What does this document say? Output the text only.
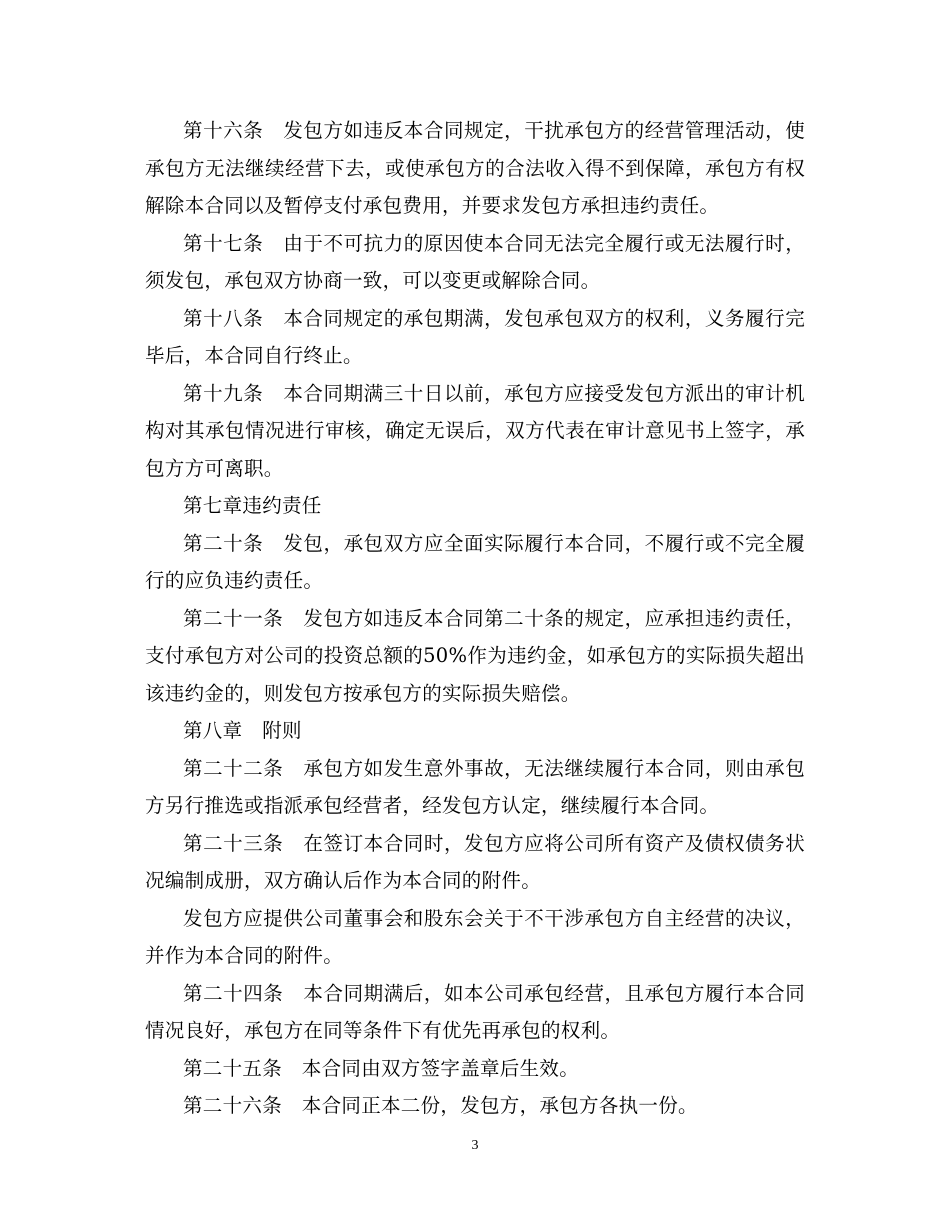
第十六条　发包方如违反本合同规定，干扰承包方的经营管理活动，使承包方无法继续经营下去，或使承包方的合法收入得不到保障，承包方有权解除本合同以及暂停支付承包费用，并要求发包方承担违约责任。

第十七条　由于不可抗力的原因使本合同无法完全履行或无法履行时，须发包，承包双方协商一致，可以变更或解除合同。

第十八条　本合同规定的承包期满，发包承包双方的权利，义务履行完毕后，本合同自行终止。

第十九条　本合同期满三十日以前，承包方应接受发包方派出的审计机构对其承包情况进行审核，确定无误后，双方代表在审计意见书上签字，承包方方可离职。

第七章违约责任

第二十条　发包，承包双方应全面实际履行本合同，不履行或不完全履行的应负违约责任。

第二十一条　发包方如违反本合同第二十条的规定，应承担违约责任，支付承包方对公司的投资总额的50%作为违约金，如承包方的实际损失超出该违约金的，则发包方按承包方的实际损失赔偿。

第八章　附则

第二十二条　承包方如发生意外事故，无法继续履行本合同，则由承包方另行推选或指派承包经营者，经发包方认定，继续履行本合同。

第二十三条　在签订本合同时，发包方应将公司所有资产及债权债务状况编制成册，双方确认后作为本合同的附件。

发包方应提供公司董事会和股东会关于不干涉承包方自主经营的决议，并作为本合同的附件。

第二十四条　本合同期满后，如本公司承包经营，且承包方履行本合同情况良好，承包方在同等条件下有优先再承包的权利。

第二十五条　本合同由双方签字盖章后生效。

第二十六条　本合同正本二份，发包方，承包方各执一份。

3
